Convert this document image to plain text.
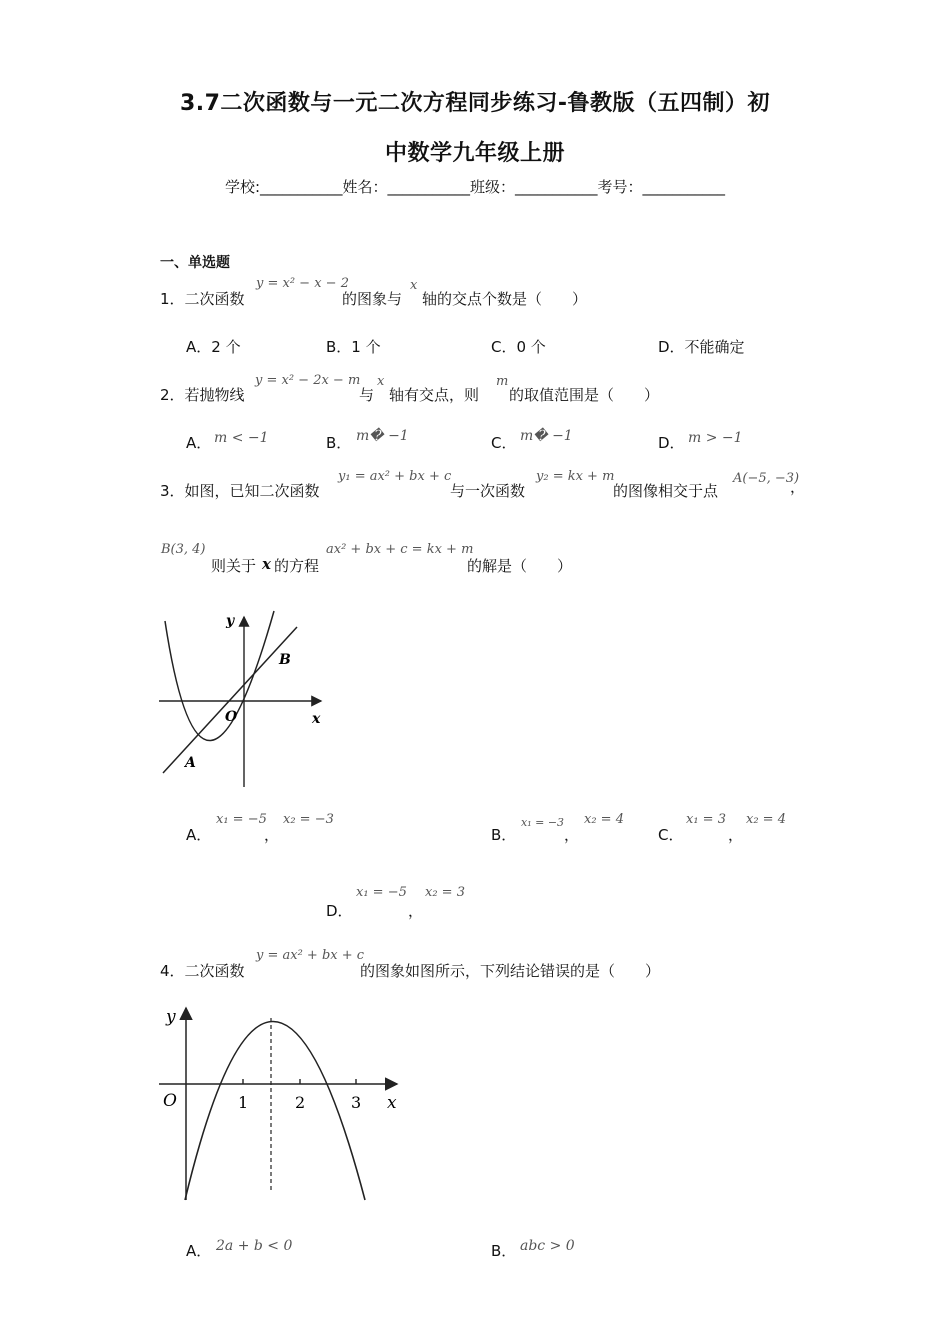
3.7二次函数与一元二次方程同步练习-鲁教版（五四制）初
中数学九年级上册
学校:___________姓名：___________班级：___________考号：___________
一、单选题
1．二次函数
y = x² − x − 2
的图象与
x
轴的交点个数是（　　）
A．2 个	B．1 个	C．0 个	D．不能确定
2．若抛物线
y = x² − 2x − m
与
x
轴有交点，则
m
的取值范围是（　　）
A． m < −1	B． m� −1	C． m� −1	D． m > −1
3．如图，已知二次函数
y₁ = ax² + bx + c
与一次函数
y₂ = kx + m
的图像相交于点
A(−5, −3)
，
B(3, 4)
则关于 x 的方程
ax² + bx + c = kx + m
的解是（　　）
y
x
O
A
B
A．
x₁ = −5
，
x₂ = −3
B．
x₁ = −3
，
x₂ = 4
C．
x₁ = 3
，
x₂ = 4
D．
x₁ = −5
，
x₂ = 3
4．二次函数
y = ax² + bx + c
的图象如图所示，下列结论错误的是（　　）
y
x
O	1	2	3
A． 2a + b < 0	B． abc > 0
